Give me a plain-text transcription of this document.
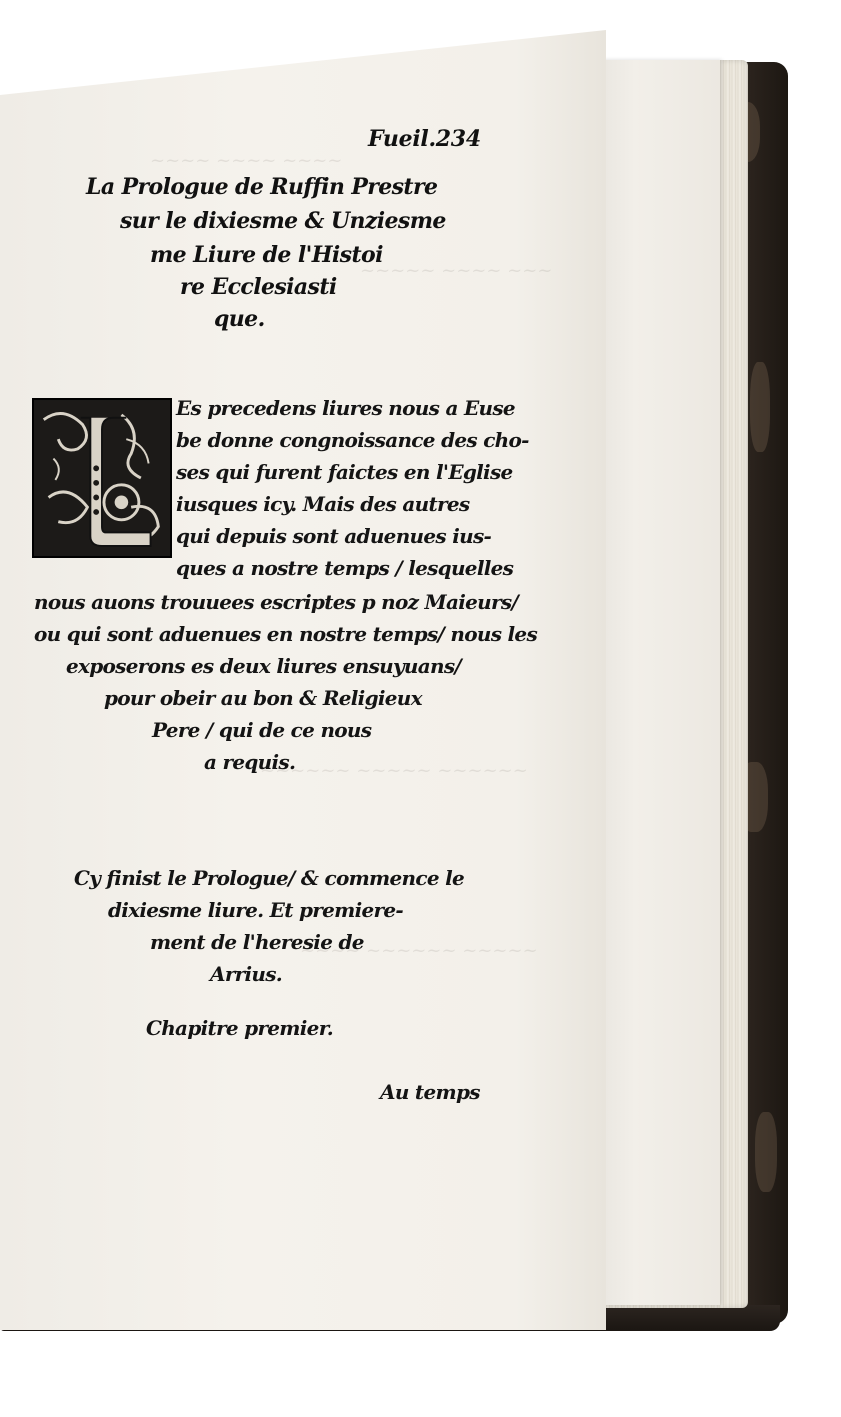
~~~~ ~~~~ ~~~~
~~~~~ ~~~~ ~~~
~~~~~~ ~~~~~ ~~~~~~
~~~~ ~~~~~~ ~~~~~
Fueil.234
La Prologue de Ruffin Prestre
sur le dixiesme & Unziesme
me Liure de l'Histoi
re Ecclesiasti
que.
Es precedens liures nous a Euse
be donne congnoissance des cho-
ses qui furent faictes en l'Eglise
iusques icy. Mais des autres
qui depuis sont aduenues ius-
ques a nostre temps / lesquelles
nous auons trouuees escriptes p noz Maieurs/
ou qui sont aduenues en nostre temps/ nous les
exposerons es deux liures ensuyuans/
pour obeir au bon & Religieux
Pere / qui de ce nous
a requis.
Cy finist le Prologue/ & commence le
dixiesme liure. Et premiere-
ment de l'heresie de
Arrius.
Chapitre premier.
Au temps
